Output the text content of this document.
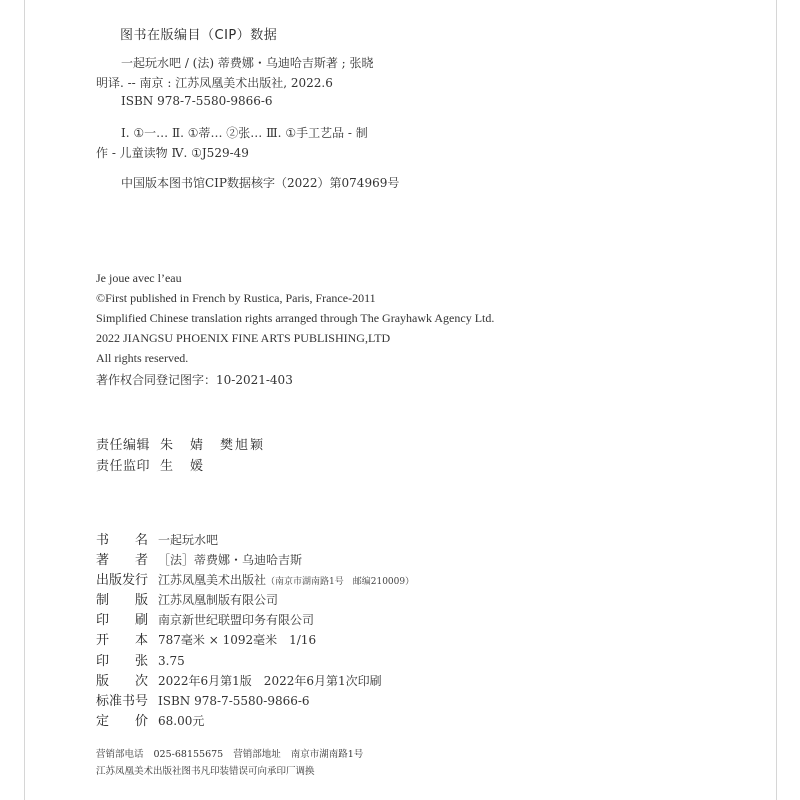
图书在版编目（CIP）数据
一起玩水吧 / (法) 蒂费娜・乌迪哈吉斯著 ; 张晓
明译. -- 南京 : 江苏凤凰美术出版社, 2022.6
ISBN 978-7-5580-9866-6
Ⅰ. ①一… Ⅱ. ①蒂… ②张… Ⅲ. ①手工艺品 - 制
作 - 儿童读物 Ⅳ. ①J529-49
中国版本图书馆CIP数据核字（2022）第074969号
Je joue avec l’eau
©First published in French by Rustica, Paris, France-2011
Simplified Chinese translation rights arranged through The Grayhawk Agency Ltd.
2022 JIANGSU PHOENIX FINE ARTS PUBLISHING,LTD
All rights reserved.
著作权合同登记图字：10-2021-403
责任编辑 朱　婧　樊旭颖
责任监印 生　媛
书　　名 一起玩水吧
著　　者 ［法］蒂费娜・乌迪哈吉斯
出版发行 江苏凤凰美术出版社（南京市湖南路1号　邮编210009）
制　　版 江苏凤凰制版有限公司
印　　刷 南京新世纪联盟印务有限公司
开　　本 787毫米 × 1092毫米　1/16
印　　张 3.75
版　　次 2022年6月第1版　2022年6月第1次印刷
标准书号 ISBN 978-7-5580-9866-6
定　　价 68.00元
营销部电话 025-68155675 营销部地址 南京市湖南路1号
江苏凤凰美术出版社图书凡印装错误可向承印厂调换
